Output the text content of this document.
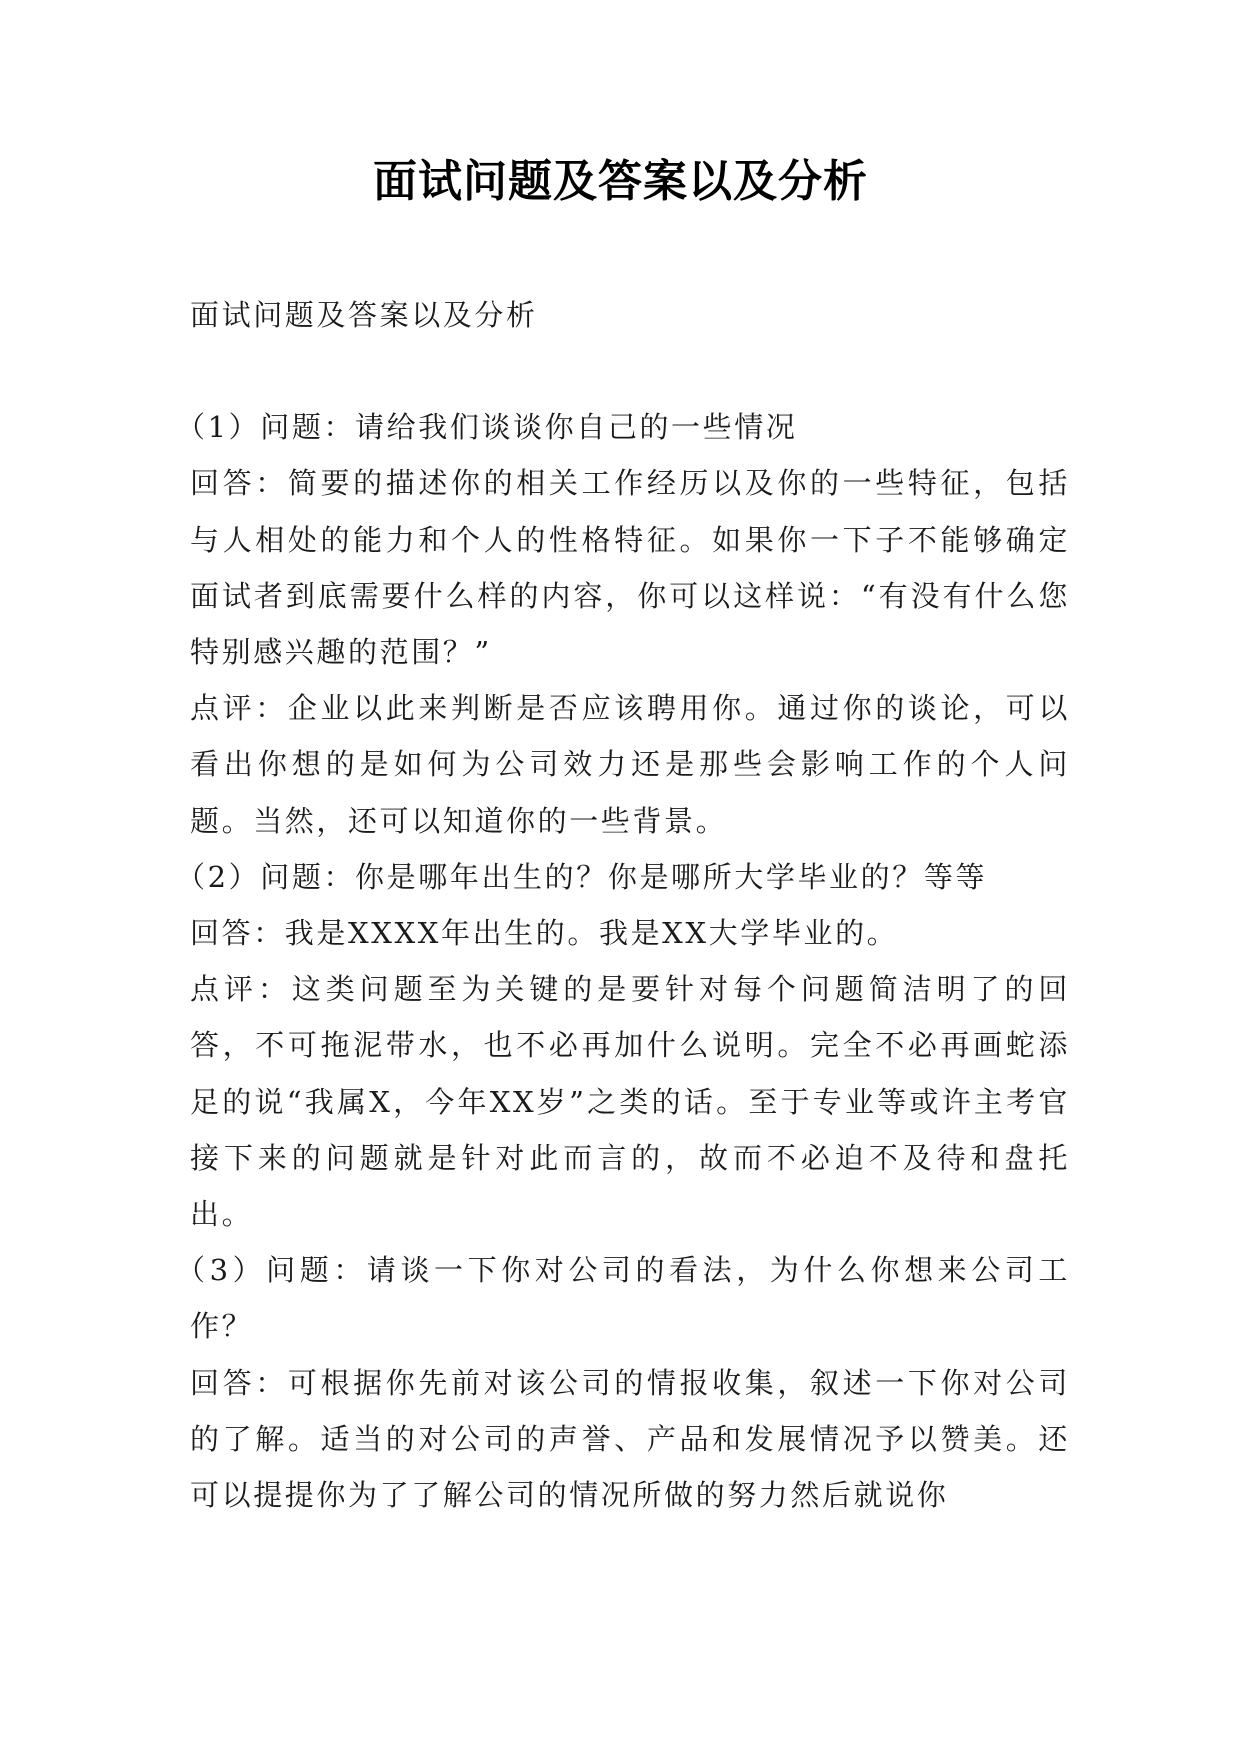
面试问题及答案以及分析

面试问题及答案以及分析

（1）问题：请给我们谈谈你自己的一些情况

回答：简要的描述你的相关工作经历以及你的一些特征，包括与人相处的能力和个人的性格特征。如果你一下子不能够确定面试者到底需要什么样的内容，你可以这样说：“有没有什么您特别感兴趣的范围？”

点评：企业以此来判断是否应该聘用你。通过你的谈论，可以看出你想的是如何为公司效力还是那些会影响工作的个人问题。当然，还可以知道你的一些背景。

（2）问题：你是哪年出生的？你是哪所大学毕业的？等等

回答：我是XXXX年出生的。我是XX大学毕业的。

点评：这类问题至为关键的是要针对每个问题简洁明了的回答，不可拖泥带水，也不必再加什么说明。完全不必再画蛇添足的说“我属X，今年XX岁”之类的话。至于专业等或许主考官接下来的问题就是针对此而言的，故而不必迫不及待和盘托出。

（3）问题：请谈一下你对公司的看法，为什么你想来公司工作？

回答：可根据你先前对该公司的情报收集，叙述一下你对公司的了解。适当的对公司的声誉、产品和发展情况予以赞美。还可以提提你为了了解公司的情况所做的努力然后就说你
